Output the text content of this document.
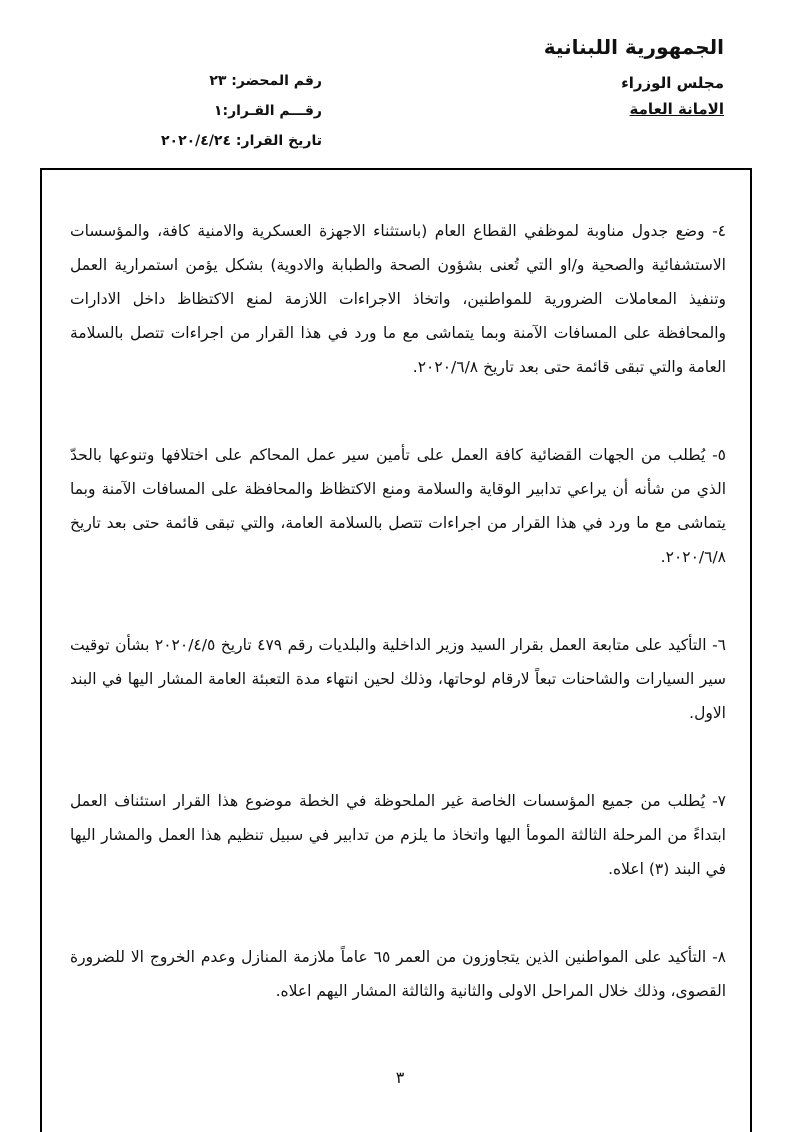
الجمهورية اللبنانية
مجلس الوزراء
الامانة العامة
رقم المحضر: ٢٣
رقـــم القـرار:١
تاريخ القرار: ٢٠٢٠/٤/٢٤

٤- وضع جدول مناوبة لموظفي القطاع العام (باستثناء الاجهزة العسكرية والامنية كافة، والمؤسسات الاستشفائية والصحية و/او التي تُعنى بشؤون الصحة والطبابة والادوية) بشكل يؤمن استمرارية العمل وتنفيذ المعاملات الضرورية للمواطنين، واتخاذ الاجراءات اللازمة لمنع الاكتظاظ داخل الادارات والمحافظة على المسافات الآمنة وبما يتماشى مع ما ورد في هذا القرار من اجراءات تتصل بالسلامة العامة والتي تبقى قائمة حتى بعد تاريخ ٢٠٢٠/٦/٨.

٥- يُطلب من الجهات القضائية كافة العمل على تأمين سير عمل المحاكم على اختلافها وتنوعها بالحدّ الذي من شأنه أن يراعي تدابير الوقاية والسلامة ومنع الاكتظاظ والمحافظة على المسافات الآمنة وبما يتماشى مع ما ورد في هذا القرار من اجراءات تتصل بالسلامة العامة، والتي تبقى قائمة حتى بعد تاريخ ٢٠٢٠/٦/٨.

٦- التأكيد على متابعة العمل بقرار السيد وزير الداخلية والبلديات رقم ٤٧٩ تاريخ ٢٠٢٠/٤/٥ بشأن توقيت سير السيارات والشاحنات تبعاً لارقام لوحاتها، وذلك لحين انتهاء مدة التعبئة العامة المشار اليها في البند الاول.

٧- يُطلب من جميع المؤسسات الخاصة غير الملحوظة في الخطة موضوع هذا القرار استئناف العمل ابتداءً من المرحلة الثالثة المومأ اليها واتخاذ ما يلزم من تدابير في سبيل تنظيم هذا العمل والمشار اليها في البند (٣) اعلاه.

٨- التأكيد على المواطنين الذين يتجاوزون من العمر ٦٥ عاماً ملازمة المنازل وعدم الخروج الا للضرورة القصوى، وذلك خلال المراحل الاولى والثانية والثالثة المشار اليهم اعلاه.

٣
